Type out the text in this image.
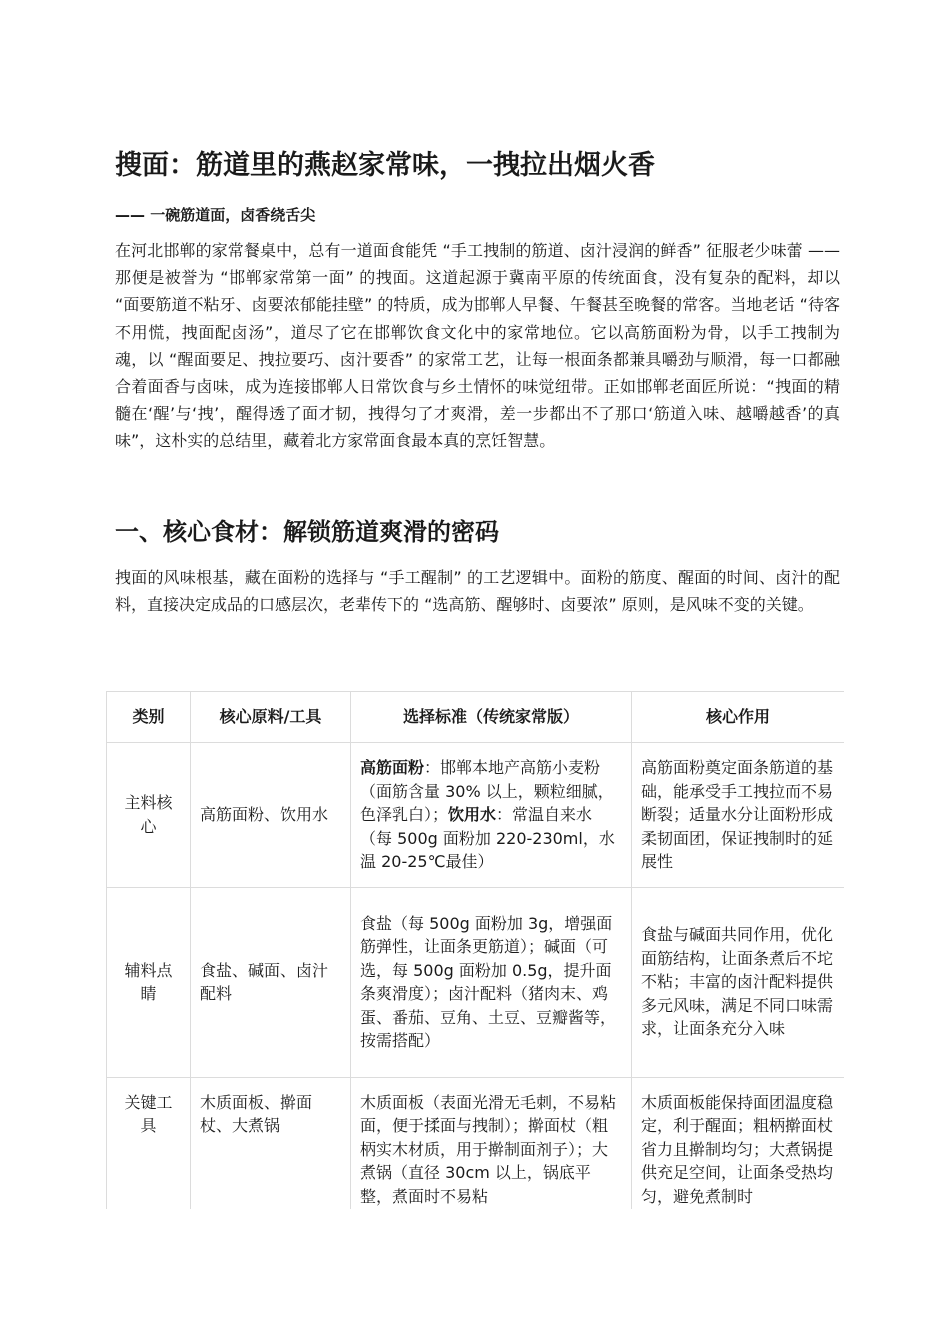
搜面：筋道里的燕赵家常味，一拽拉出烟火香

—— 一碗筋道面，卤香绕舌尖

在河北邯郸的家常餐桌中，总有一道面食能凭 “手工拽制的筋道、卤汁浸润的鲜香” 征服老少味蕾 —— 那便是被誉为 “邯郸家常第一面” 的拽面。这道起源于冀南平原的传统面食，没有复杂的配料，却以 “面要筋道不粘牙、卤要浓郁能挂壁” 的特质，成为邯郸人早餐、午餐甚至晚餐的常客。当地老话 “待客不用慌，拽面配卤汤”，道尽了它在邯郸饮食文化中的家常地位。它以高筋面粉为骨，以手工拽制为魂，以 “醒面要足、拽拉要巧、卤汁要香” 的家常工艺，让每一根面条都兼具嚼劲与顺滑，每一口都融合着面香与卤味，成为连接邯郸人日常饮食与乡土情怀的味觉纽带。正如邯郸老面匠所说：“拽面的精髓在‘醒’与‘拽’，醒得透了面才韧，拽得匀了才爽滑，差一步都出不了那口‘筋道入味、越嚼越香’的真味”，这朴实的总结里，藏着北方家常面食最本真的烹饪智慧。

一、核心食材：解锁筋道爽滑的密码

拽面的风味根基，藏在面粉的选择与 “手工醒制” 的工艺逻辑中。面粉的筋度、醒面的时间、卤汁的配料，直接决定成品的口感层次，老辈传下的 “选高筋、醒够时、卤要浓” 原则，是风味不变的关键。

类别	核心原料/工具	选择标准（传统家常版）	核心作用
主料核心	高筋面粉、饮用水	高筋面粉：邯郸本地产高筋小麦粉（面筋含量 30% 以上，颗粒细腻，色泽乳白）；饮用水：常温自来水（每 500g 面粉加 220-230ml，水温 20-25℃最佳）	高筋面粉奠定面条筋道的基础，能承受手工拽拉而不易断裂；适量水分让面粉形成柔韧面团，保证拽制时的延展性
辅料点睛	食盐、碱面、卤汁配料	食盐（每 500g 面粉加 3g，增强面筋弹性，让面条更筋道）；碱面（可选，每 500g 面粉加 0.5g，提升面条爽滑度）；卤汁配料（猪肉末、鸡蛋、番茄、豆角、土豆、豆瓣酱等，按需搭配）	食盐与碱面共同作用，优化面筋结构，让面条煮后不坨不粘；丰富的卤汁配料提供多元风味，满足不同口味需求，让面条充分入味
关键工具	木质面板、擀面杖、大煮锅	木质面板（表面光滑无毛刺，不易粘面，便于揉面与拽制）；擀面杖（粗柄实木材质，用于擀制面剂子）；大煮锅（直径 30cm 以上，锅底平整，煮面时不易粘	木质面板能保持面团温度稳定，利于醒面；粗柄擀面杖省力且擀制均匀；大煮锅提供充足空间，让面条受热均匀，避免煮制时
